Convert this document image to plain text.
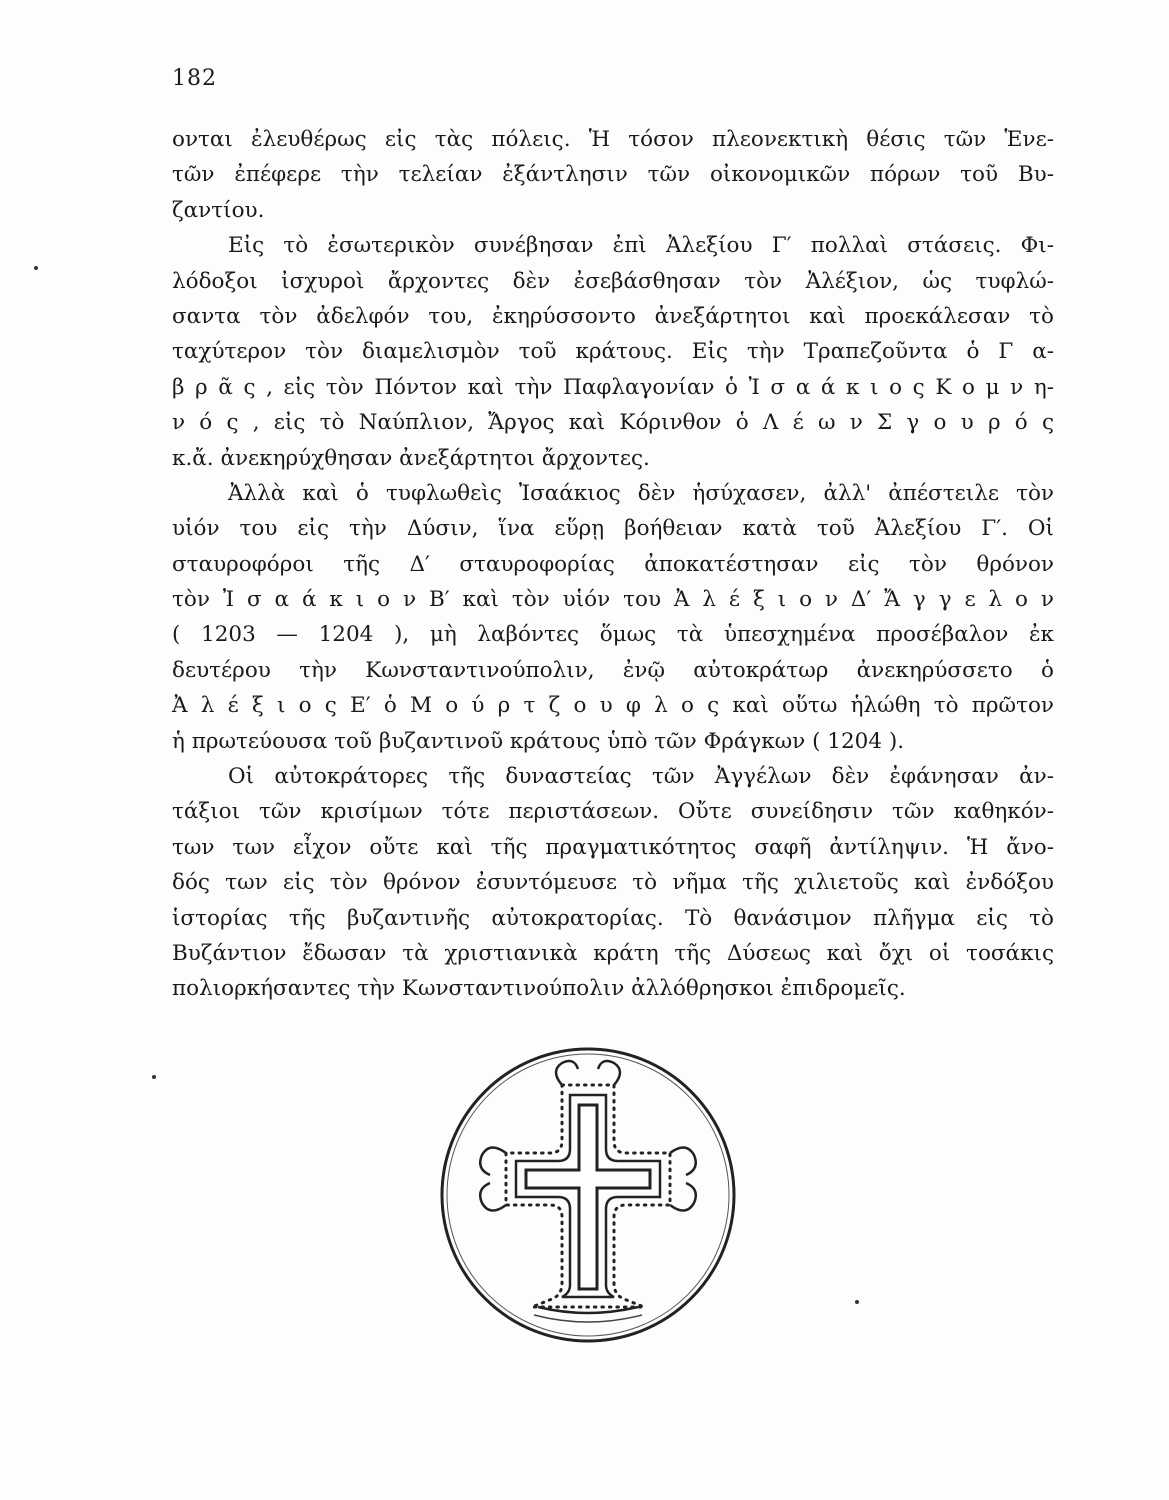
182
ονται ἐλευθέρως εἰς τὰς πόλεις. Ἡ τόσον πλεονεκτικὴ θέσις τῶν Ἑνε-
τῶν ἐπέφερε τὴν τελείαν ἐξάντλησιν τῶν οἰκονομικῶν πόρων τοῦ Βυ-
ζαντίου.
Εἰς τὸ ἐσωτερικὸν συνέβησαν ἐπὶ Ἀλεξίου Γ′ πολλαὶ στάσεις. Φι-
λόδοξοι ἰσχυροὶ ἄρχοντες δὲν ἐσεβάσθησαν τὸν Ἀλέξιον, ὡς τυφλώ-
σαντα τὸν ἀδελφόν του, ἐκηρύσσοντο ἀνεξάρτητοι καὶ προεκάλεσαν τὸ
ταχύτερον τὸν διαμελισμὸν τοῦ κράτους. Εἰς τὴν Τραπεζοῦντα ὁ Γ α-
β ρ ᾶ ς , εἰς τὸν Πόντον καὶ τὴν Παφλαγονίαν ὁ Ἰ σ α ά κ ι ο ς Κ ο μ ν η-
ν ό ς , εἰς τὸ Ναύπλιον, Ἄργος καὶ Κόρινθον ὁ Λ έ ω ν Σ γ ο υ ρ ό ς
κ.ἄ. ἀνεκηρύχθησαν ἀνεξάρτητοι ἄρχοντες.
Ἀλλὰ καὶ ὁ τυφλωθεὶς Ἰσαάκιος δὲν ἡσύχασεν, ἀλλ' ἀπέστειλε τὸν
υἱόν του εἰς τὴν Δύσιν, ἵνα εὕρῃ βοήθειαν κατὰ τοῦ Ἀλεξίου Γ′. Οἱ
σταυροφόροι τῆς Δ′ σταυροφορίας ἀποκατέστησαν εἰς τὸν θρόνον
τὸν Ἰ σ α ά κ ι ο ν Β′ καὶ τὸν υἱόν του Ἀ λ έ ξ ι ο ν Δ′ Ἄ γ γ ε λ ο ν
( 1203 — 1204 ), μὴ λαβόντες ὅμως τὰ ὑπεσχημένα προσέβαλον ἐκ
δευτέρου τὴν Κωνσταντινούπολιν, ἐνῷ αὐτοκράτωρ ἀνεκηρύσσετο ὁ
Ἀ λ έ ξ ι ο ς Ε′ ὁ Μ ο ύ ρ τ ζ ο υ φ λ ο ς καὶ οὕτω ἡλώθη τὸ πρῶτον
ἡ πρωτεύουσα τοῦ βυζαντινοῦ κράτους ὑπὸ τῶν Φράγκων ( 1204 ).
Οἱ αὐτοκράτορες τῆς δυναστείας τῶν Ἀγγέλων δὲν ἐφάνησαν ἀν-
τάξιοι τῶν κρισίμων τότε περιστάσεων. Οὔτε συνείδησιν τῶν καθηκόν-
των των εἶχον οὔτε καὶ τῆς πραγματικότητος σαφῆ ἀντίληψιν. Ἡ ἄνο-
δός των εἰς τὸν θρόνον ἐσυντόμευσε τὸ νῆμα τῆς χιλιετοῦς καὶ ἐνδόξου
ἱστορίας τῆς βυζαντινῆς αὐτοκρατορίας. Τὸ θανάσιμον πλῆγμα εἰς τὸ
Βυζάντιον ἔδωσαν τὰ χριστιανικὰ κράτη τῆς Δύσεως καὶ ὄχι οἱ τοσάκις
πολιορκήσαντες τὴν Κωνσταντινούπολιν ἀλλόθρησκοι ἐπιδρομεῖς.
